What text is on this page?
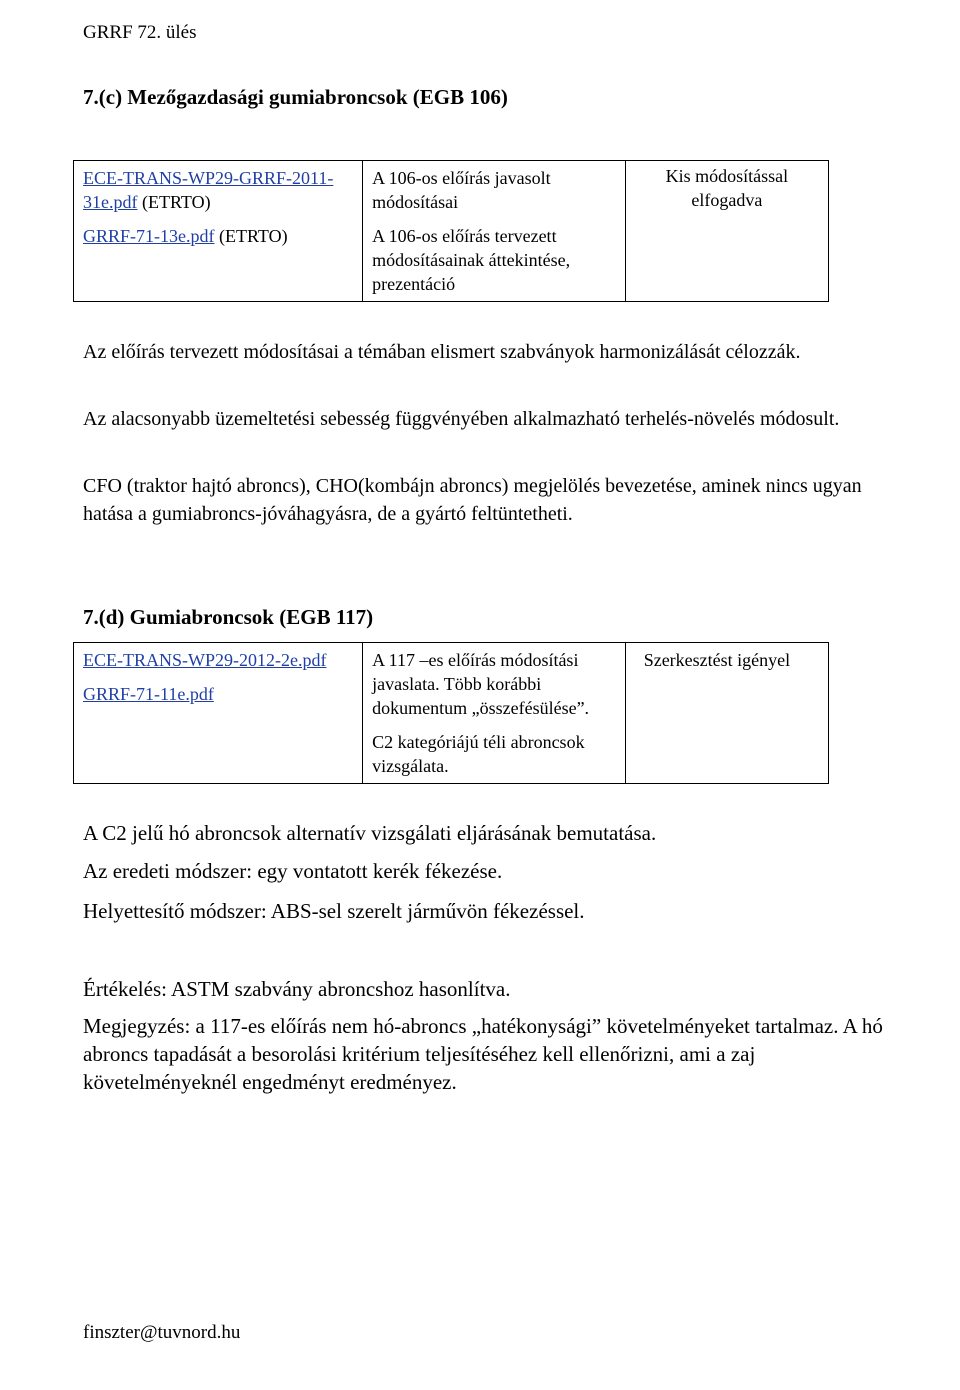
GRRF 72. ülés
7.(c) Mezőgazdasági gumiabroncsok (EGB 106)
ECE-TRANS-WP29-GRRF-2011-31e.pdf (ETRTO)
GRRF-71-13e.pdf (ETRTO)

A 106-os előírás javasolt módosításai
A 106-os előírás tervezett módosításainak áttekintése, prezentáció

Kis módosítással elfogadva
Az előírás tervezett módosításai a témában elismert szabványok harmonizálását célozzák.
Az alacsonyabb üzemeltetési sebesség függvényében alkalmazható terhelés-növelés módosult.
CFO (traktor hajtó abroncs), CHO(kombájn abroncs) megjelölés bevezetése, aminek nincs ugyan hatása a gumiabroncs-jóváhagyásra, de a gyártó feltüntetheti.
7.(d) Gumiabroncsok (EGB 117)
ECE-TRANS-WP29-2012-2e.pdf
GRRF-71-11e.pdf

A 117 –es előírás módosítási javaslata. Több korábbi dokumentum „összefésülése”.
C2 kategóriájú téli abroncsok vizsgálata.

Szerkesztést igényel
A C2 jelű hó abroncsok alternatív vizsgálati eljárásának bemutatása.
Az eredeti módszer: egy vontatott kerék fékezése.
Helyettesítő módszer: ABS-sel szerelt járművön fékezéssel.
Értékelés: ASTM szabvány abroncshoz hasonlítva.
Megjegyzés: a 117-es előírás nem hó-abroncs „hatékonysági” követelményeket tartalmaz. A hó abroncs tapadását a besorolási kritérium teljesítéséhez kell ellenőrizni, ami a zaj követelményeknél engedményt eredményez.
finszter@tuvnord.hu
